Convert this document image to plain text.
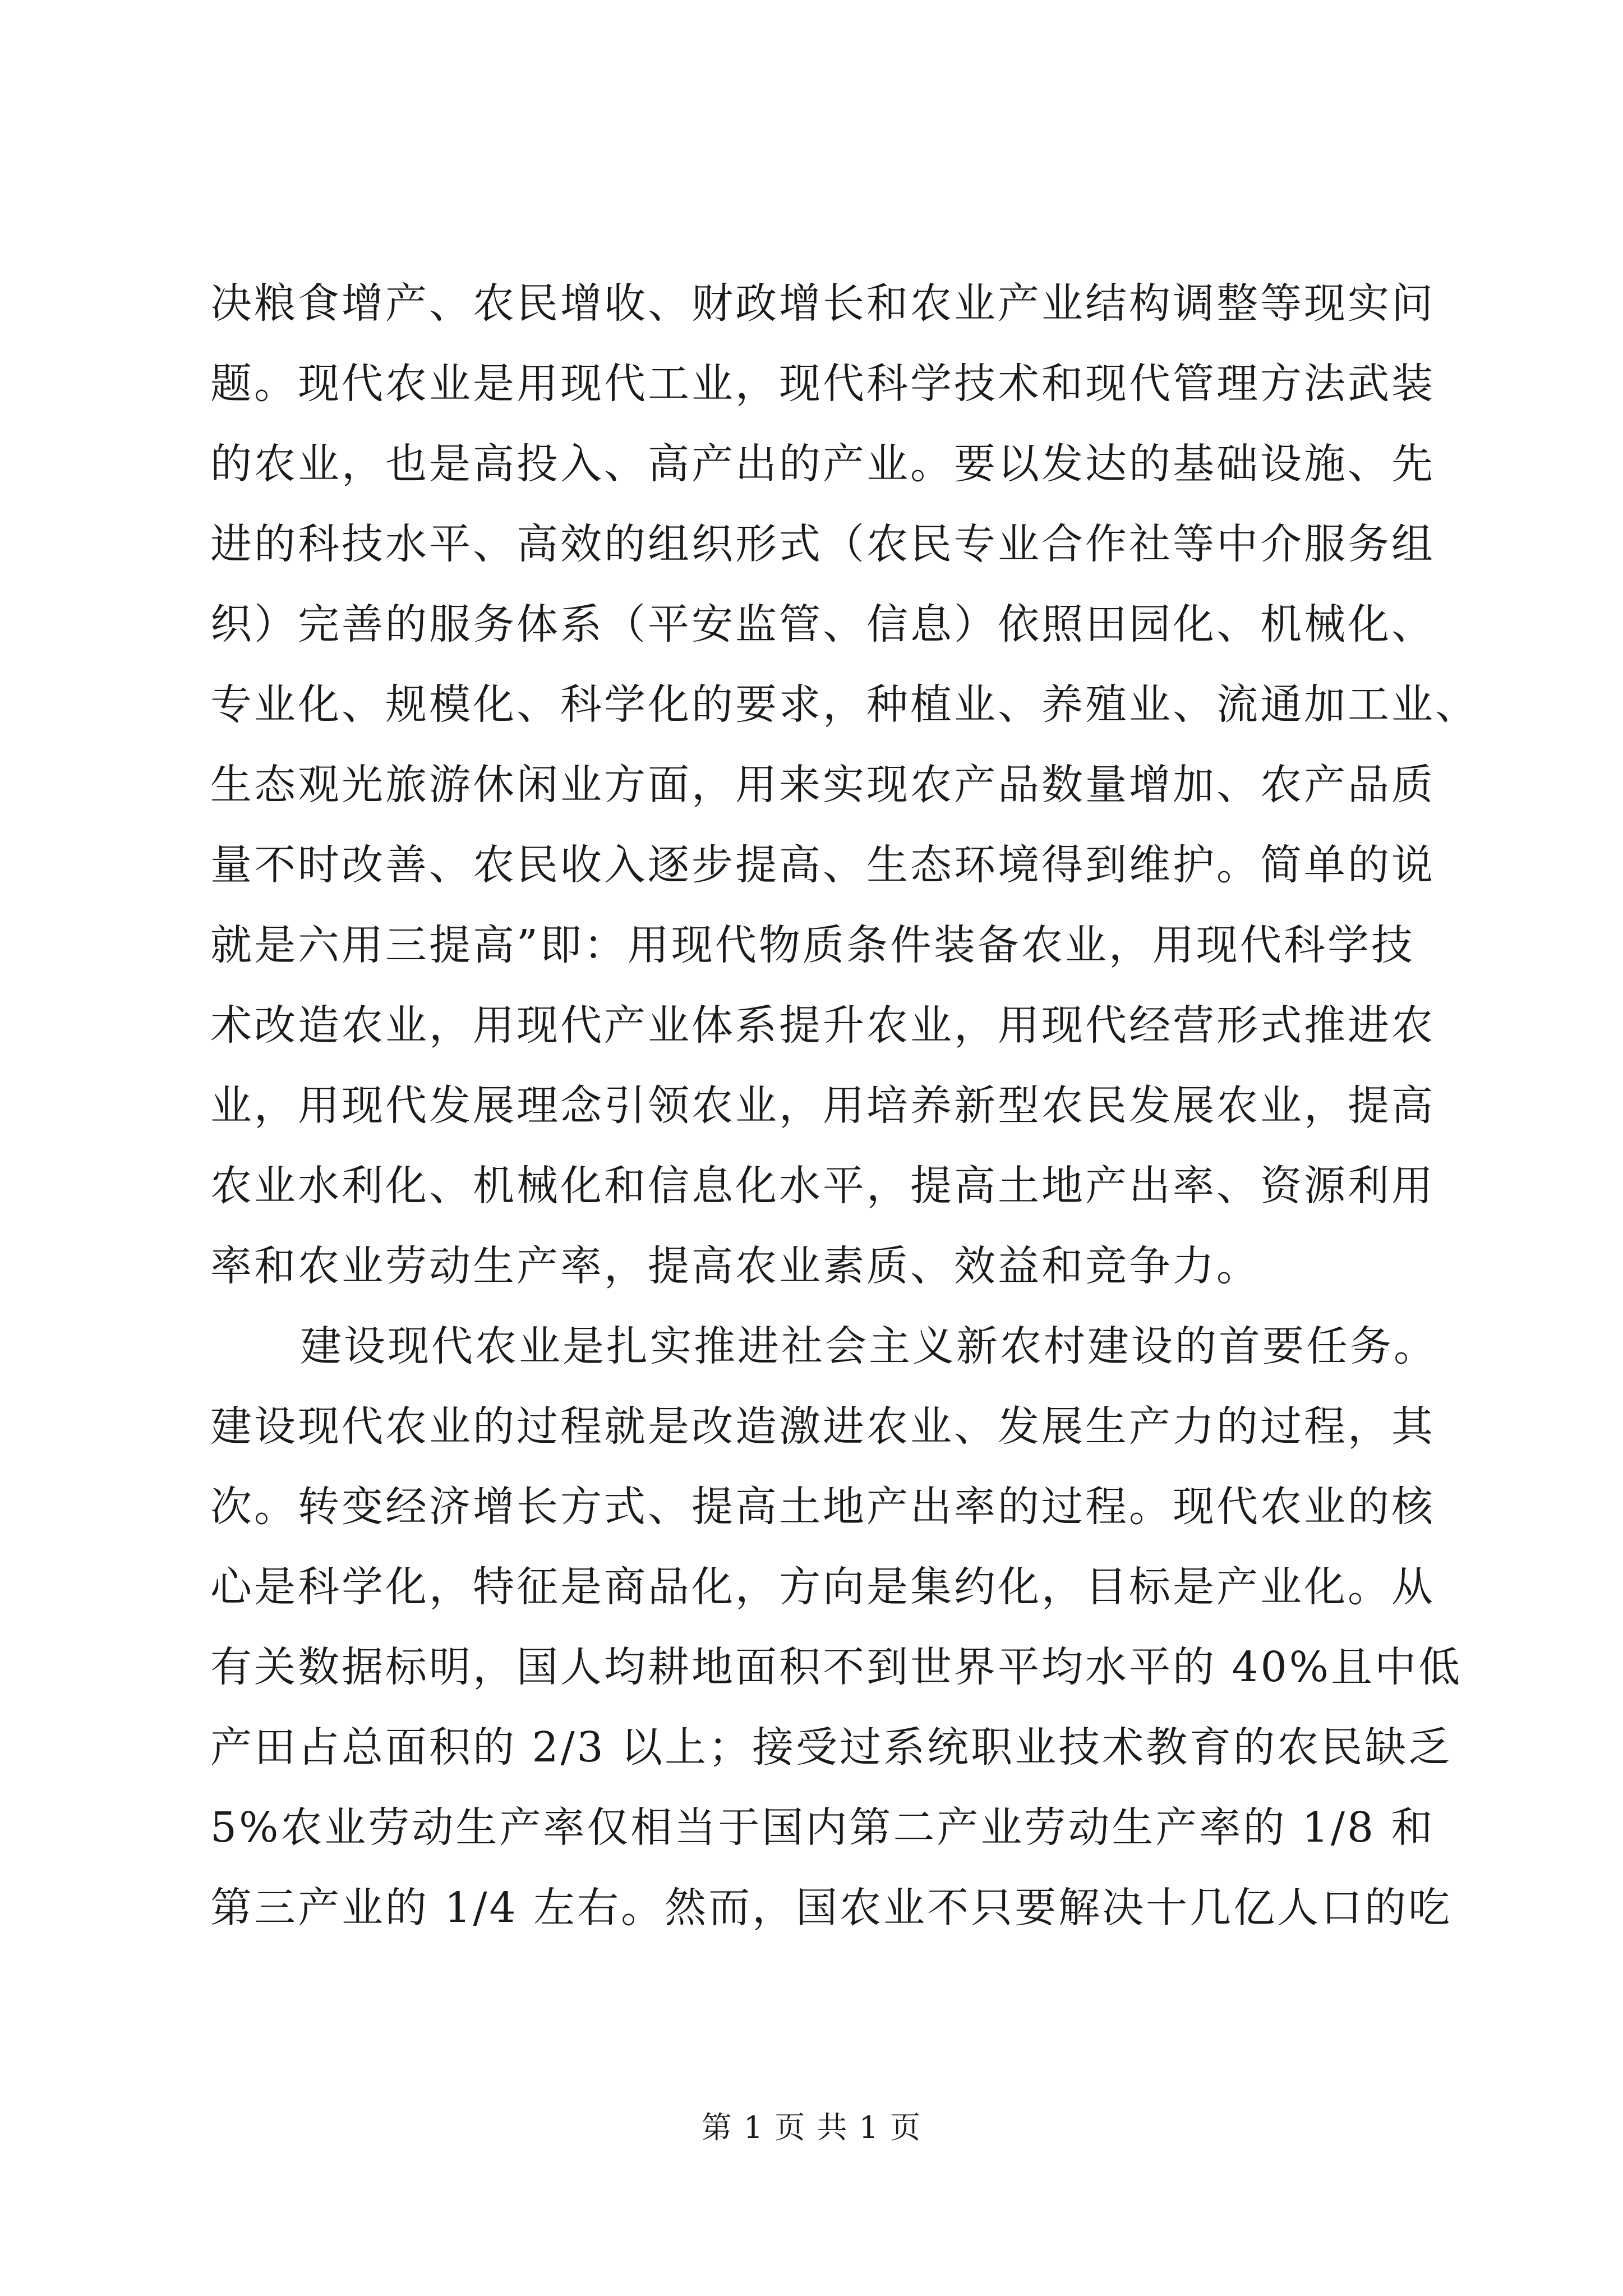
决粮食增产、农民增收、财政增长和农业产业结构调整等现实问
题。现代农业是用现代工业，现代科学技术和现代管理方法武装
的农业，也是高投入、高产出的产业。要以发达的基础设施、先
进的科技水平、高效的组织形式（农民专业合作社等中介服务组
织）完善的服务体系（平安监管、信息）依照田园化、机械化、
专业化、规模化、科学化的要求，种植业、养殖业、流通加工业、
生态观光旅游休闲业方面，用来实现农产品数量增加、农产品质
量不时改善、农民收入逐步提高、生态环境得到维护。简单的说
就是六用三提高”即：用现代物质条件装备农业，用现代科学技
术改造农业，用现代产业体系提升农业，用现代经营形式推进农
业，用现代发展理念引领农业，用培养新型农民发展农业，提高
农业水利化、机械化和信息化水平，提高土地产出率、资源利用
率和农业劳动生产率，提高农业素质、效益和竞争力。
建设现代农业是扎实推进社会主义新农村建设的首要任务。
建设现代农业的过程就是改造激进农业、发展生产力的过程，其
次。转变经济增长方式、提高土地产出率的过程。现代农业的核
心是科学化，特征是商品化，方向是集约化，目标是产业化。从
有关数据标明，国人均耕地面积不到世界平均水平的 40%且中低
产田占总面积的 2/3 以上；接受过系统职业技术教育的农民缺乏
5%农业劳动生产率仅相当于国内第二产业劳动生产率的 1/8 和
第三产业的 1/4 左右。然而，国农业不只要解决十几亿人口的吃
第 1 页 共 1 页
